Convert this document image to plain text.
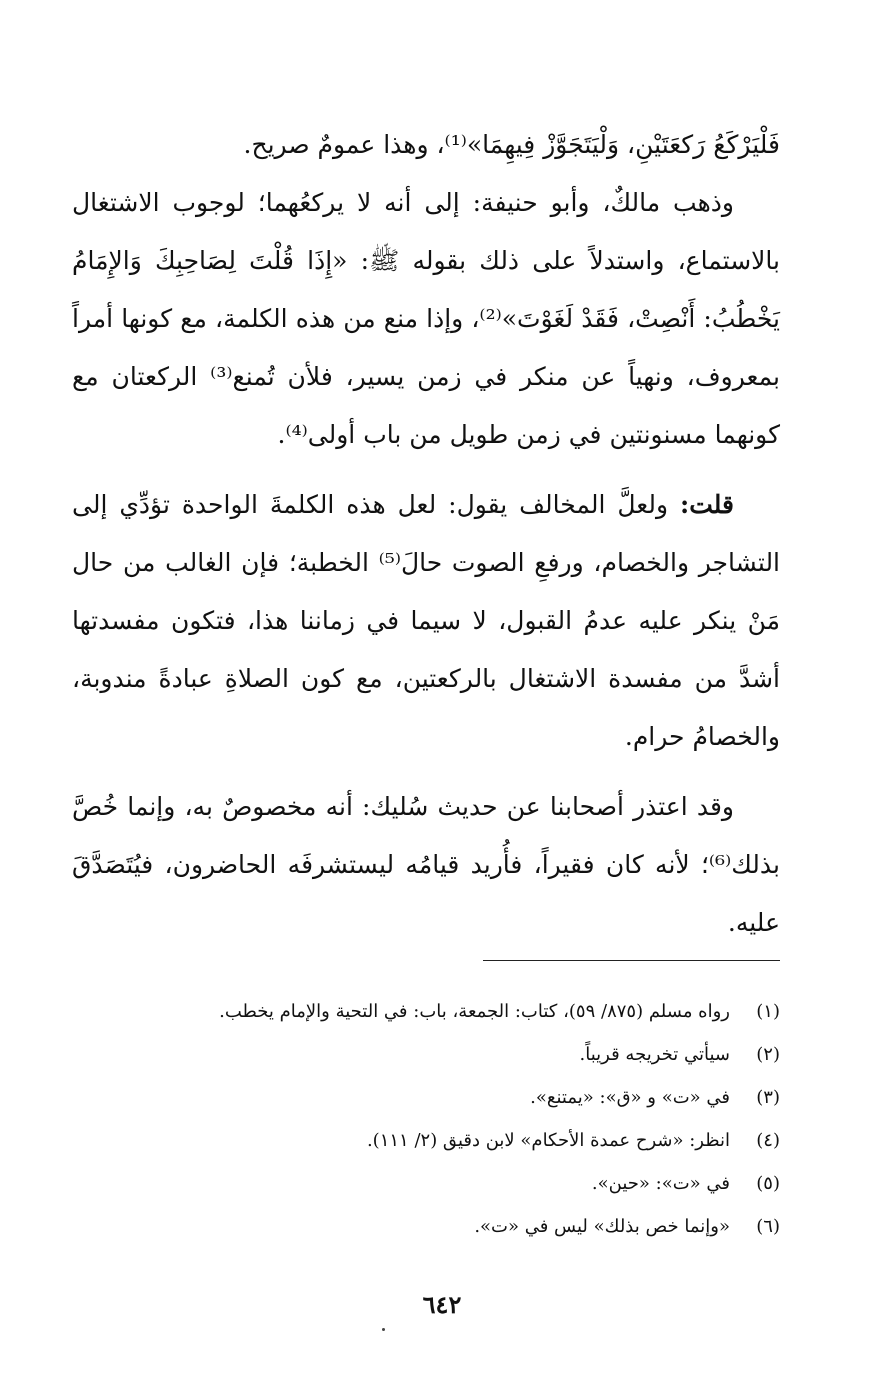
فَلْيَرْكَعُ رَكعَتَيْنِ، وَلْيَتَجَوَّزْ فِيهِمَا»⁽¹⁾، وهذا عمومٌ صريح.

وذهب مالكٌ، وأبو حنيفة: إلى أنه لا يركعُهما؛ لوجوب الاشتغال بالاستماع، واستدلاً على ذلك بقوله ﷺ: «إِذَا قُلْتَ لِصَاحِبِكَ وَالإِمَامُ يَخْطُبُ: أَنْصِتْ، فَقَدْ لَغَوْتَ»⁽²⁾، وإذا منع من هذه الكلمة، مع كونها أمراً بمعروف، ونهياً عن منكر في زمن يسير، فلأن تُمنع⁽³⁾ الركعتان مع كونهما مسنونتين في زمن طويل من باب أولى⁽⁴⁾.

قلت: ولعلَّ المخالف يقول: لعل هذه الكلمةَ الواحدة تؤدِّي إلى التشاجر والخصام، ورفعِ الصوت حالَ⁽⁵⁾ الخطبة؛ فإن الغالب من حال مَنْ ينكر عليه عدمُ القبول، لا سيما في زماننا هذا، فتكون مفسدتها أشدَّ من مفسدة الاشتغال بالركعتين، مع كون الصلاةِ عبادةً مندوبة، والخصامُ حرام.

وقد اعتذر أصحابنا عن حديث سُليك: أنه مخصوصٌ به، وإنما خُصَّ بذلك⁽⁶⁾؛ لأنه كان فقيراً، فأُريد قيامُه ليستشرفَه الحاضرون، فيُتَصَدَّقَ عليه.

(١)
رواه مسلم (٨٧٥/ ٥٩)، كتاب: الجمعة، باب: في التحية والإمام يخطب.
(٢)
سيأتي تخريجه قريباً.
(٣)
في «ت» و «ق»: «يمتنع».
(٤)
انظر: «شرح عمدة الأحكام» لابن دقيق (٢/ ١١١).
(٥)
في «ت»: «حين».
(٦)
«وإنما خص بذلك» ليس في «ت».
٦٤٢
